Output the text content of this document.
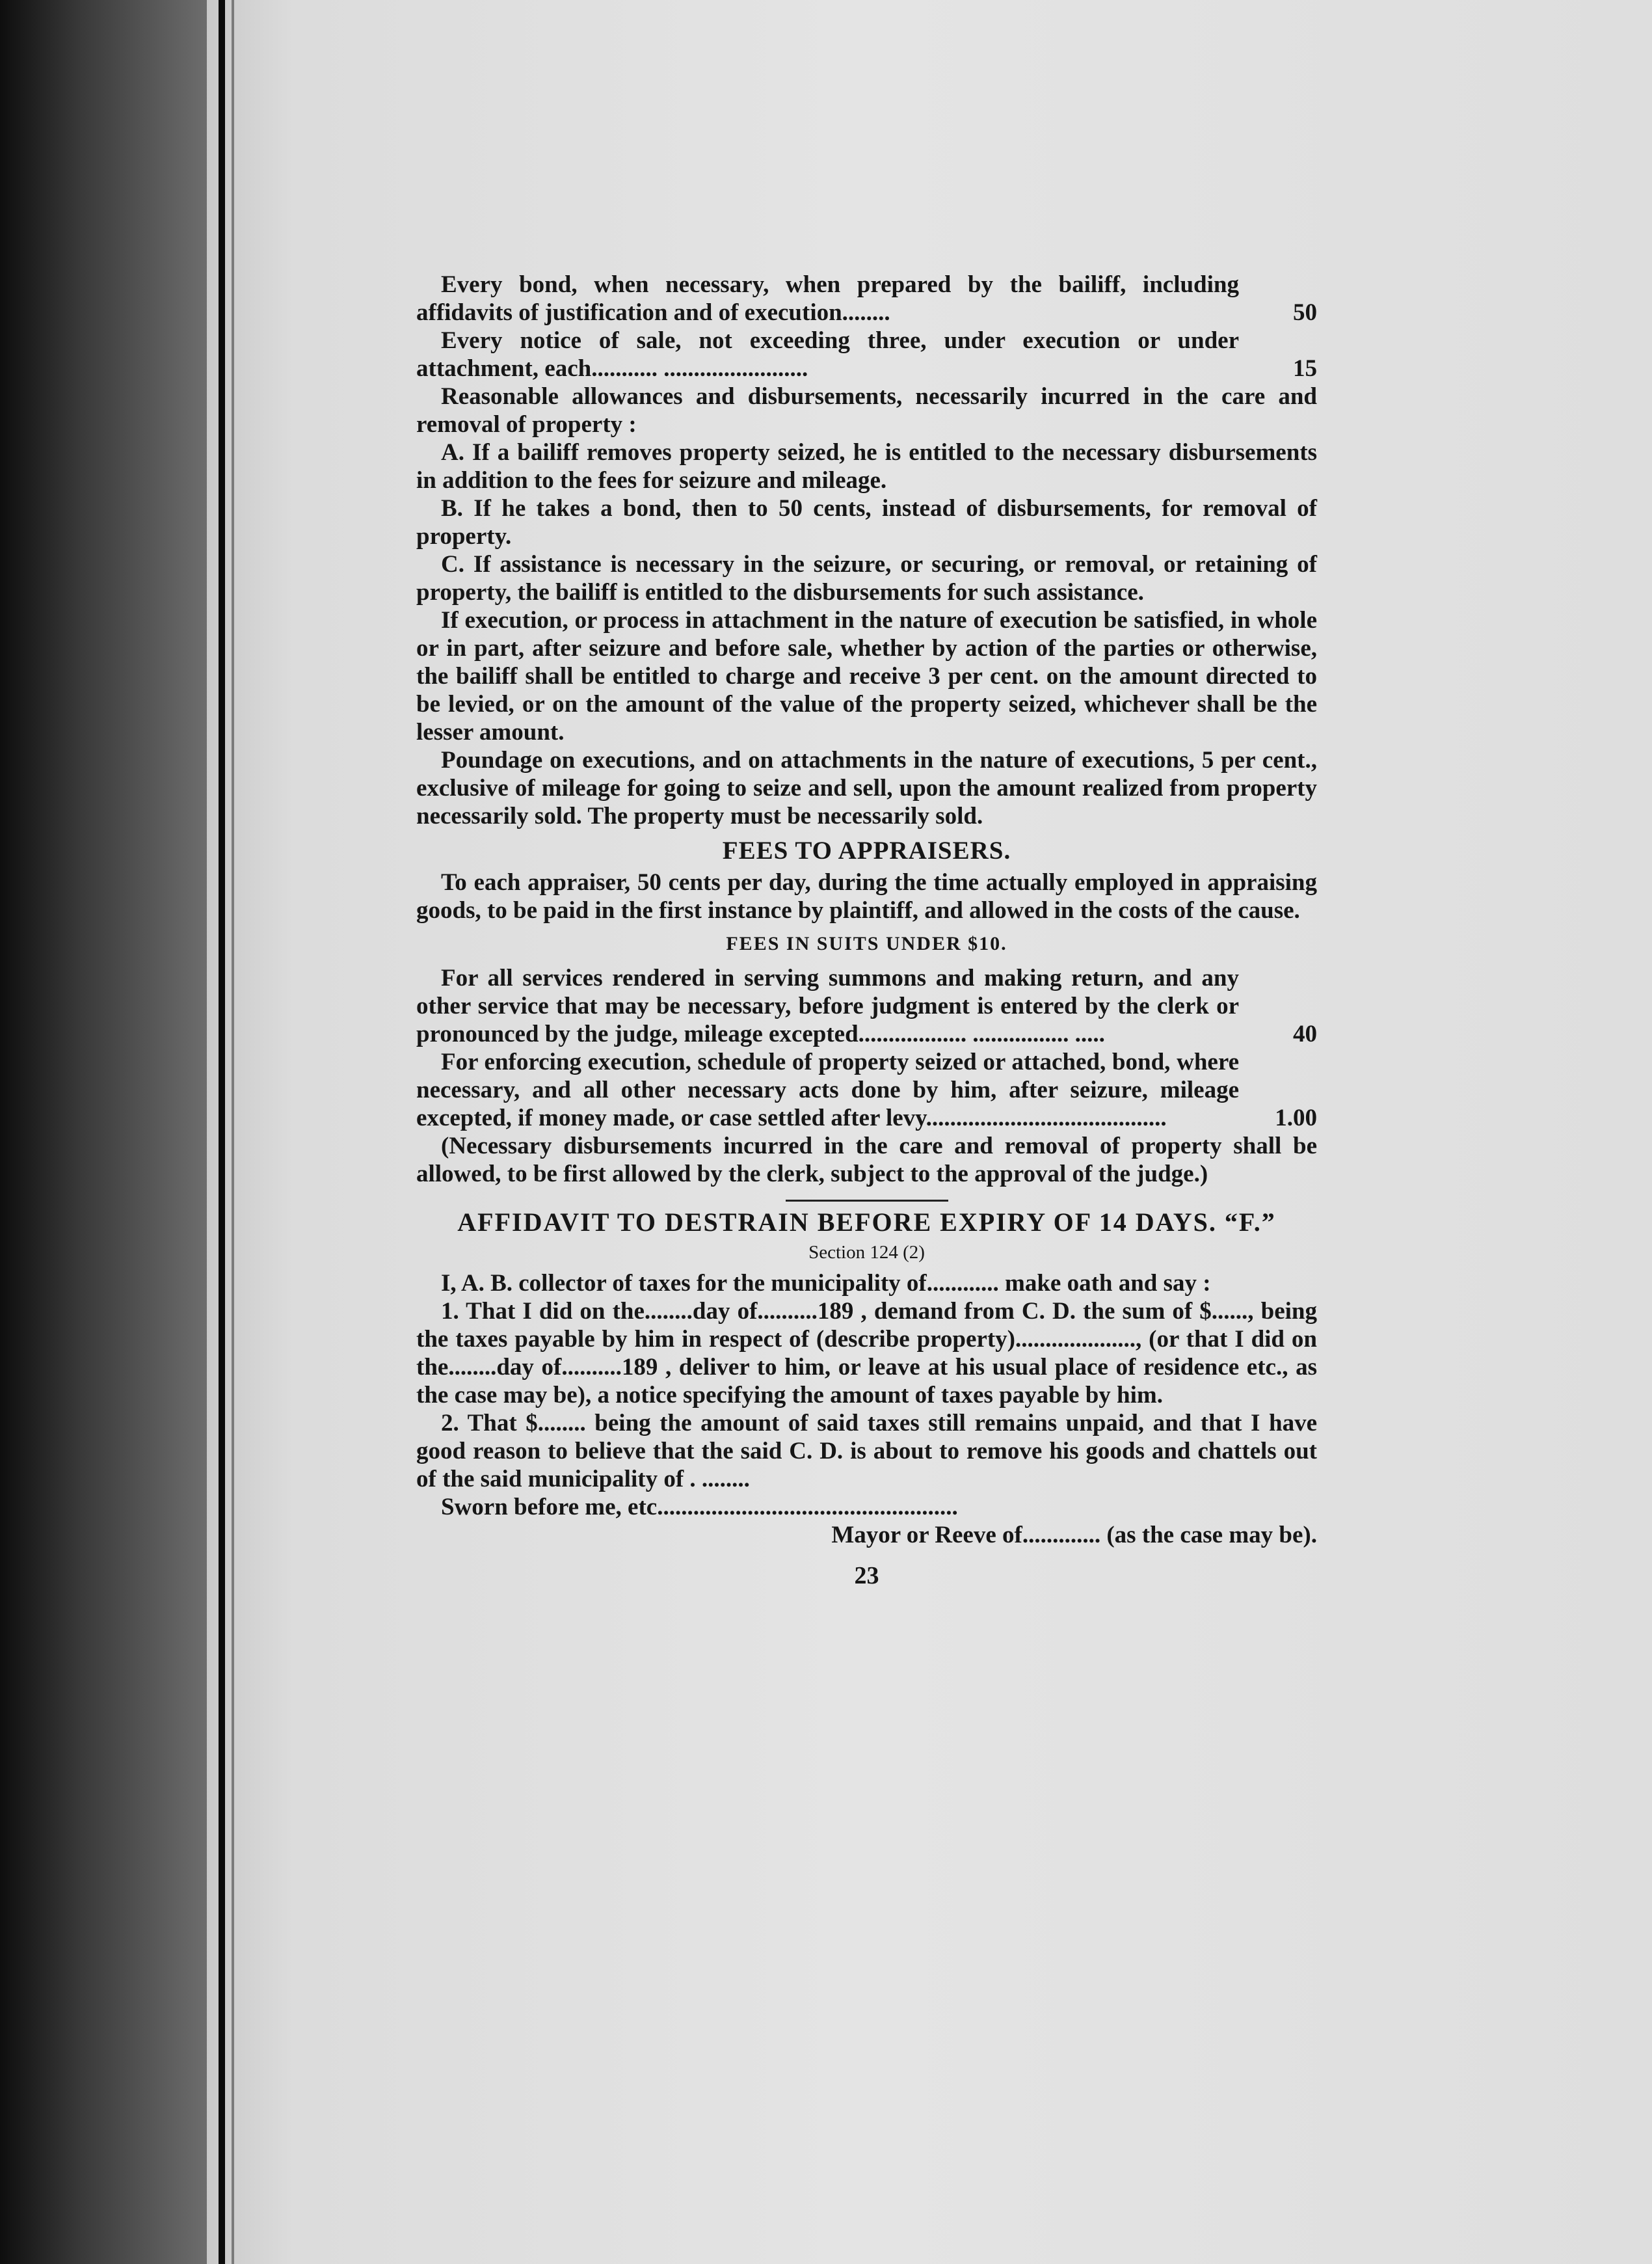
Every bond, when necessary, when prepared by the bailiff, including affidavits of justification and of execution........	50

Every notice of sale, not exceeding three, under execution or under attachment, each........... ........................	15

Reasonable allowances and disbursements, necessarily incurred in the care and removal of property :

A. If a bailiff removes property seized, he is entitled to the necessary disbursements in addition to the fees for seizure and mileage.

B. If he takes a bond, then to 50 cents, instead of disbursements, for removal of property.

C. If assistance is necessary in the seizure, or securing, or removal, or retaining of property, the bailiff is entitled to the disbursements for such assistance.

If execution, or process in attachment in the nature of execution be satisfied, in whole or in part, after seizure and before sale, whether by action of the parties or otherwise, the bailiff shall be entitled to charge and receive 3 per cent. on the amount directed to be levied, or on the amount of the value of the property seized, whichever shall be the lesser amount.

Poundage on executions, and on attachments in the nature of executions, 5 per cent., exclusive of mileage for going to seize and sell, upon the amount realized from property necessarily sold. The property must be necessarily sold.

FEES TO APPRAISERS.

To each appraiser, 50 cents per day, during the time actually employed in appraising goods, to be paid in the first instance by plaintiff, and allowed in the costs of the cause.

FEES IN SUITS UNDER $10.

For all services rendered in serving summons and making return, and any other service that may be necessary, before judgment is entered by the clerk or pronounced by the judge, mileage excepted.................. ................ .....	40

For enforcing execution, schedule of property seized or attached, bond, where necessary, and all other necessary acts done by him, after seizure, mileage excepted, if money made, or case settled after levy........................................	1.00

(Necessary disbursements incurred in the care and removal of property shall be allowed, to be first allowed by the clerk, subject to the approval of the judge.)

AFFIDAVIT TO DESTRAIN BEFORE EXPIRY OF 14 DAYS. “F.”

Section 124 (2)

I, A. B. collector of taxes for the municipality of............ make oath and say :

1. That I did on the........day of..........189 , demand from C. D. the sum of $......, being the taxes payable by him in respect of (describe property)...................., (or that I did on the........day of..........189 , deliver to him, or leave at his usual place of residence etc., as the case may be), a notice specifying the amount of taxes payable by him.

2. That $........ being the amount of said taxes still remains unpaid, and that I have good reason to believe that the said C. D. is about to remove his goods and chattels out of the said municipality of . ........

Sworn before me, etc..................................................

Mayor or Reeve of............. (as the case may be).

23
